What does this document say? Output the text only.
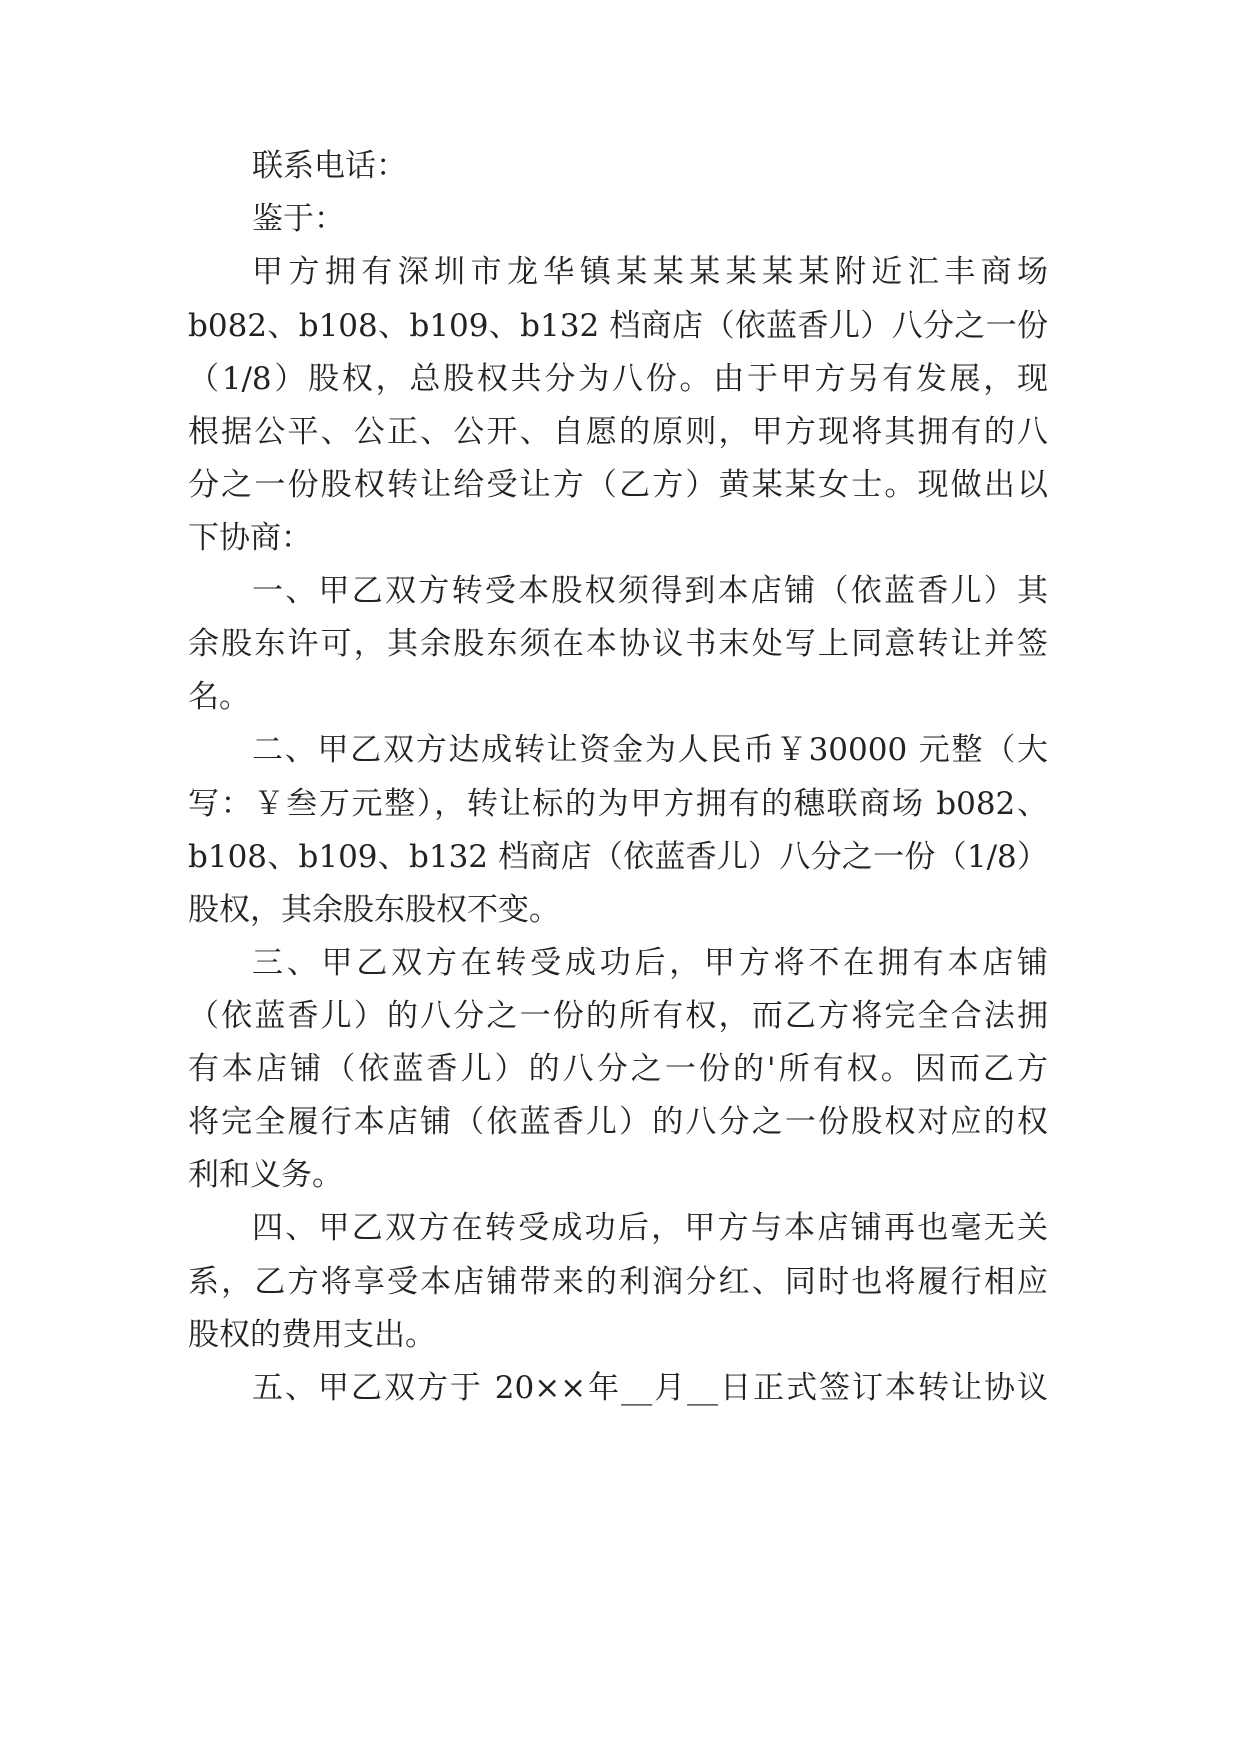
联系电话：
鉴于：
甲方拥有深圳市龙华镇某某某某某某附近汇丰商场
b082、b108、b109、b132 档商店（依蓝香儿）八分之一份
（1/8）股权，总股权共分为八份。由于甲方另有发展，现
根据公平、公正、公开、自愿的原则，甲方现将其拥有的八
分之一份股权转让给受让方（乙方）黄某某女士。现做出以
下协商：
一、甲乙双方转受本股权须得到本店铺（依蓝香儿）其
余股东许可，其余股东须在本协议书末处写上同意转让并签
名。
二、甲乙双方达成转让资金为人民币￥30000 元整（大
写：￥叁万元整），转让标的为甲方拥有的穗联商场 b082、
b108、b109、b132 档商店（依蓝香儿）八分之一份（1/8）
股权，其余股东股权不变。
三、甲乙双方在转受成功后，甲方将不在拥有本店铺
（依蓝香儿）的八分之一份的所有权，而乙方将完全合法拥
有本店铺（依蓝香儿）的八分之一份的'所有权。因而乙方
将完全履行本店铺（依蓝香儿）的八分之一份股权对应的权
利和义务。
四、甲乙双方在转受成功后，甲方与本店铺再也毫无关
系，乙方将享受本店铺带来的利润分红、同时也将履行相应
股权的费用支出。
五、甲乙双方于 20××年__月__日正式签订本转让协议
